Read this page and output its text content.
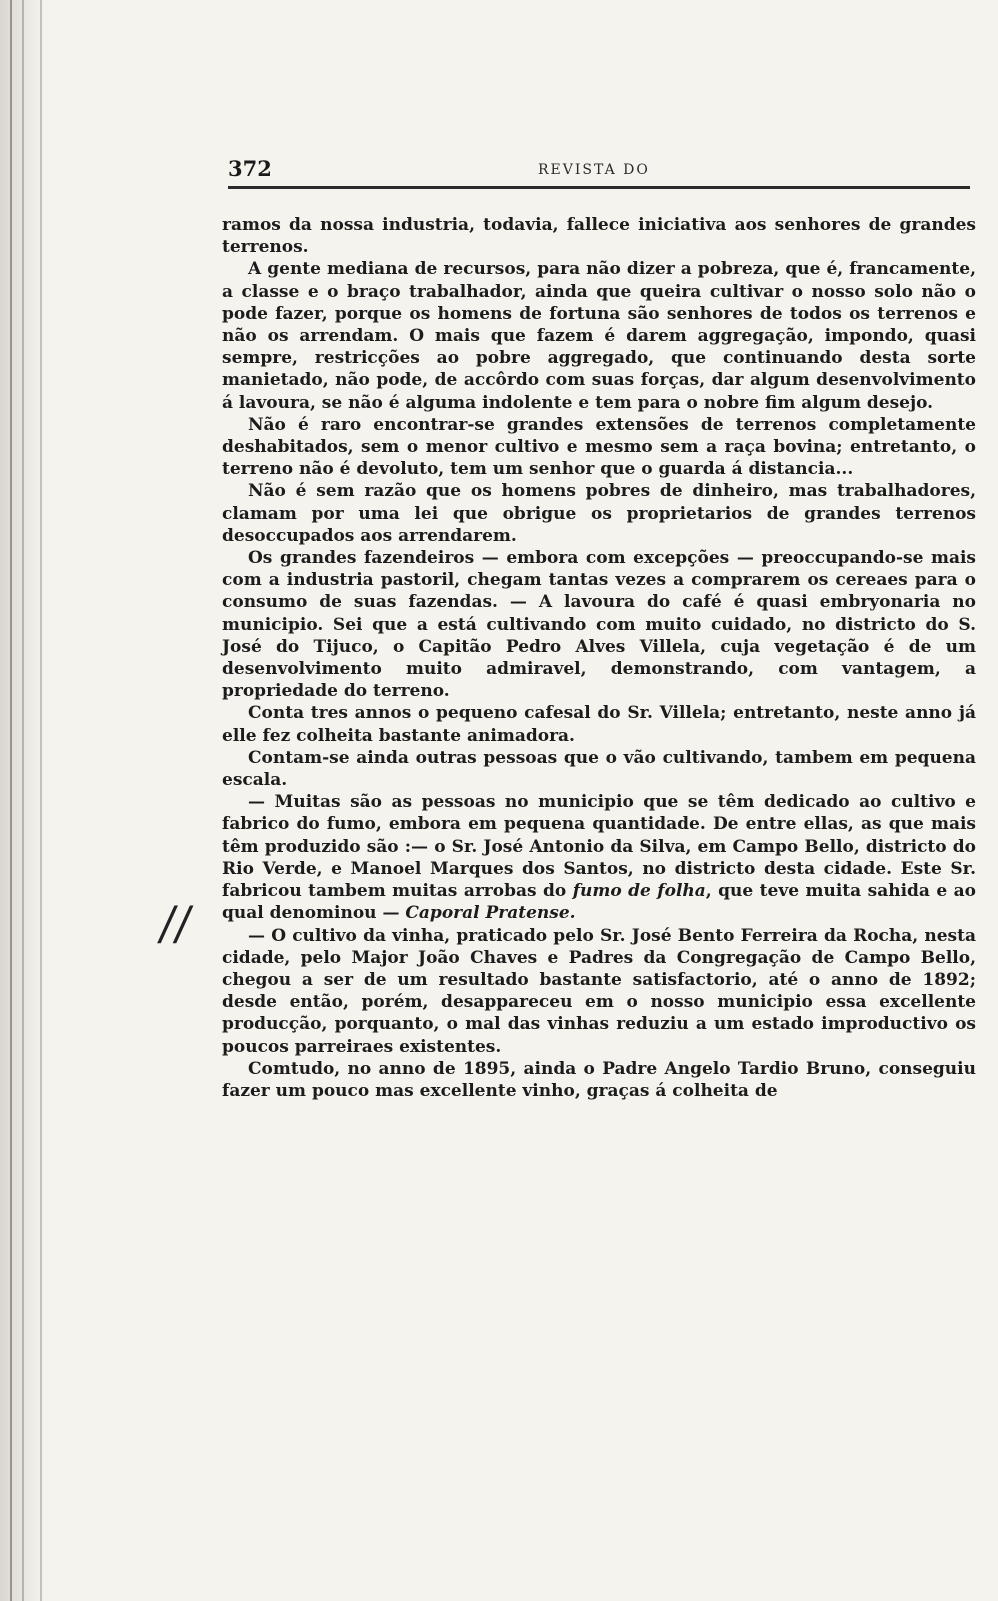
372	REVISTA DO
//

ramos da nossa industria, todavia, fallece iniciativa aos senhores de grandes terrenos.

A gente mediana de recursos, para não dizer a pobreza, que é, francamente, a classe e o braço trabalhador, ainda que queira cultivar o nosso solo não o pode fazer, porque os homens de fortuna são senhores de todos os terrenos e não os arrendam. O mais que fazem é darem aggregação, impondo, quasi sempre, restricções ao pobre aggregado, que continuando desta sorte manietado, não pode, de accôrdo com suas forças, dar algum desenvolvimento á lavoura, se não é alguma indolente e tem para o nobre fim algum desejo.

Não é raro encontrar-se grandes extensões de terrenos completamente deshabitados, sem o menor cultivo e mesmo sem a raça bovina; entretanto, o terreno não é devoluto, tem um senhor que o guarda á distancia...

Não é sem razão que os homens pobres de dinheiro, mas trabalhadores, clamam por uma lei que obrigue os proprietarios de grandes terrenos desoccupados aos arrendarem.

Os grandes fazendeiros — embora com excepções — preoccupando-se mais com a industria pastoril, chegam tantas vezes a comprarem os cereaes para o consumo de suas fazendas. — A lavoura do café é quasi embryonaria no municipio. Sei que a está cultivando com muito cuidado, no districto do S. José do Tijuco, o Capitão Pedro Alves Villela, cuja vegetação é de um desenvolvimento muito admiravel, demonstrando, com vantagem, a propriedade do terreno.

Conta tres annos o pequeno cafesal do Sr. Villela; entretanto, neste anno já elle fez colheita bastante animadora.

Contam-se ainda outras pessoas que o vão cultivando, tambem em pequena escala.

— Muitas são as pessoas no municipio que se têm dedicado ao cultivo e fabrico do fumo, embora em pequena quantidade. De entre ellas, as que mais têm produzido são :— o Sr. José Antonio da Silva, em Campo Bello, districto do Rio Verde, e Manoel Marques dos Santos, no districto desta cidade. Este Sr. fabricou tambem muitas arrobas do fumo de folha, que teve muita sahida e ao qual denominou — Caporal Pratense.

— O cultivo da vinha, praticado pelo Sr. José Bento Ferreira da Rocha, nesta cidade, pelo Major João Chaves e Padres da Congregação de Campo Bello, chegou a ser de um resultado bastante satisfactorio, até o anno de 1892; desde então, porém, desappareceu em o nosso municipio essa excellente producção, porquanto, o mal das vinhas reduziu a um estado improductivo os poucos parreiraes existentes.

Comtudo, no anno de 1895, ainda o Padre Angelo Tardio Bruno, conseguiu fazer um pouco mas excellente vinho, graças á colheita de
